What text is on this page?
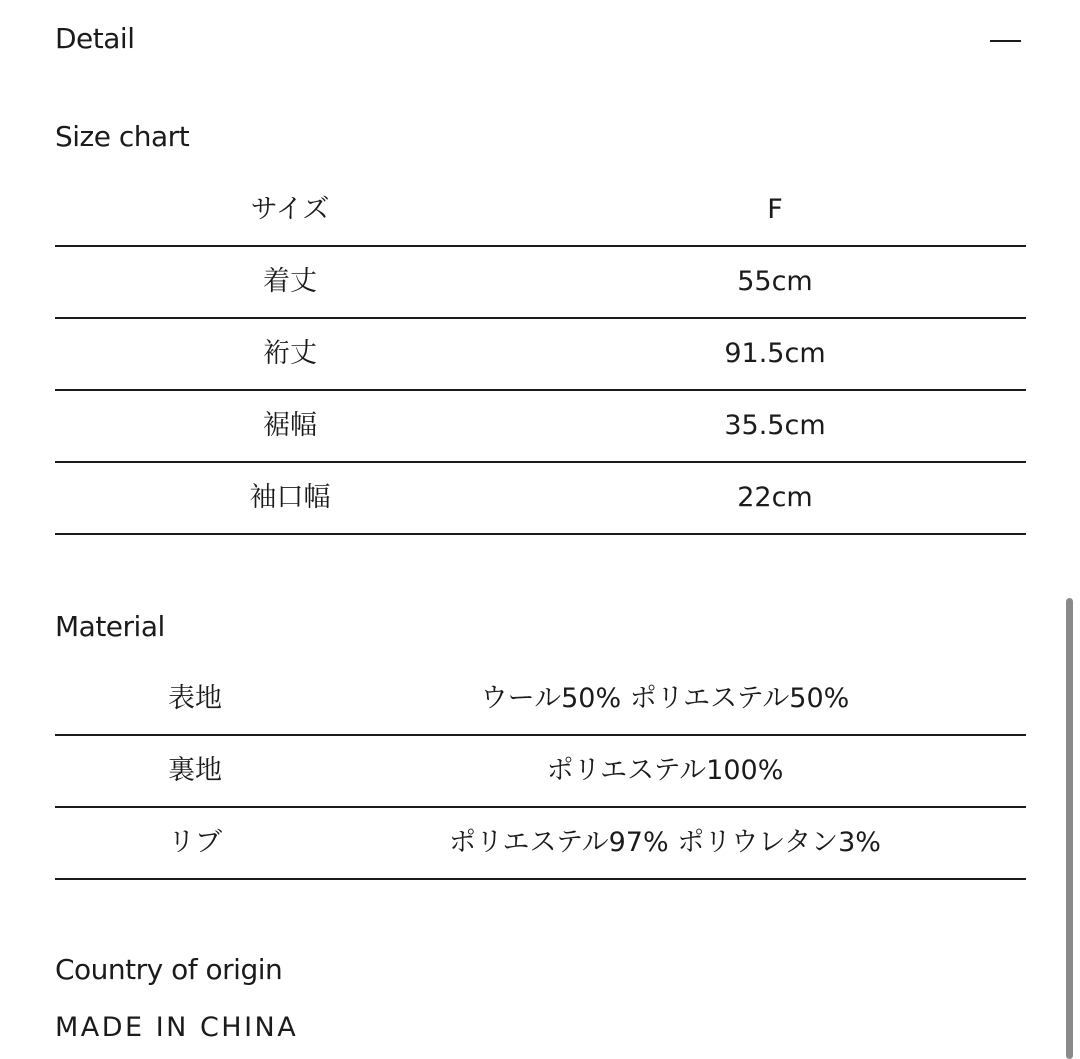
Detail
Size chart
サイズ	F
着丈	55cm
裄丈	91.5cm
裾幅	35.5cm
袖口幅	22cm
Material
表地	ウール50% ポリエステル50%
裏地	ポリエステル100%
リブ	ポリエステル97% ポリウレタン3%
Country of origin
MADE IN CHINA
